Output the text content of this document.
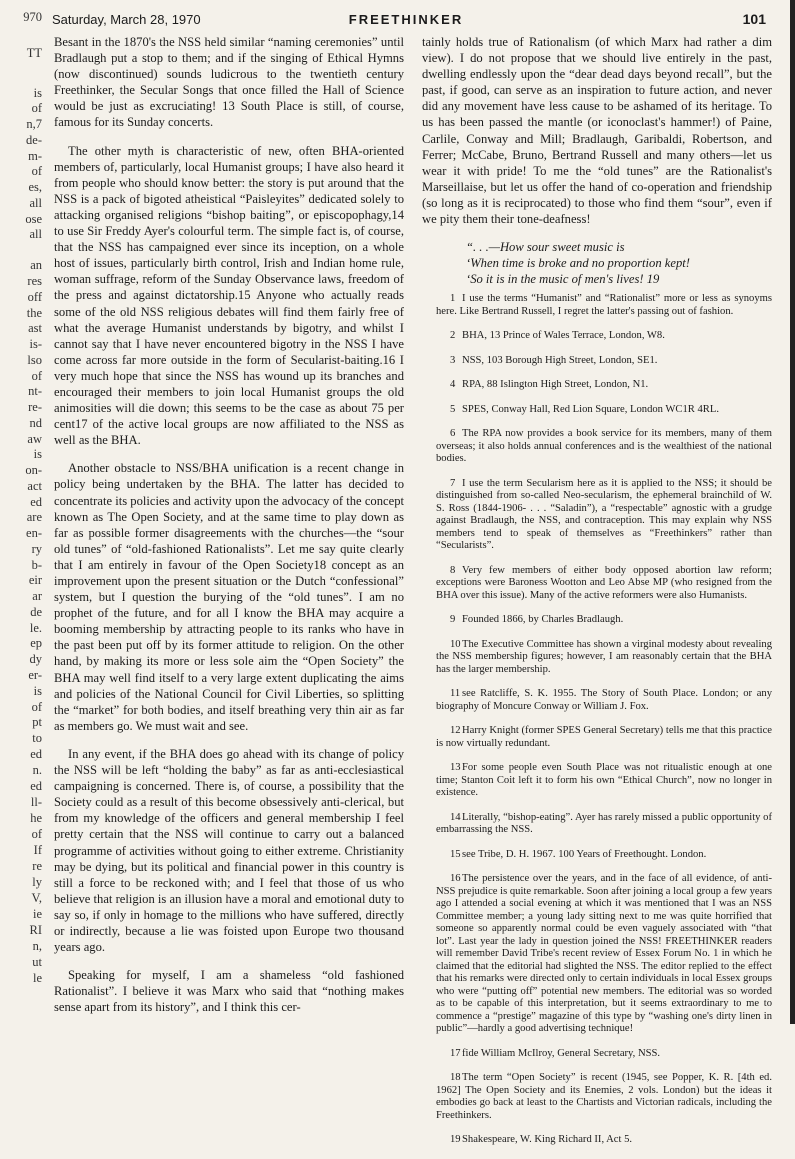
970
TT
is
of
n,7
de-
m-
of
es,
all
ose
all
an
res
off
the
ast
is-
lso
of
nt-
re-
nd
aw
is
on-
act
ed
are
en-
ry
b-
eir
ar
de
le.
ep
dy
er-
is
of
pt
to
ed
n.
ed
ll-
he
of
If
re
ly
V,
ie
RI
n,
ut
le
Saturday, March 28, 1970	FREETHINKER	101

Besant in the 1870's the NSS held similar “naming ceremonies” until Bradlaugh put a stop to them; and if the singing of Ethical Hymns (now discontinued) sounds ludicrous to the twentieth century Freethinker, the Secular Songs that once filled the Hall of Science would be just as excruciating! 13 South Place is still, of course, famous for its Sunday concerts.

The other myth is characteristic of new, often BHA-oriented members of, particularly, local Humanist groups; I have also heard it from people who should know better: the story is put around that the NSS is a pack of bigoted atheistical “Paisleyites” dedicated solely to attacking organised religions “bishop baiting”, or episcopophagy,14 to use Sir Freddy Ayer's colourful term. The simple fact is, of course, that the NSS has campaigned ever since its inception, on a whole host of issues, particularly birth control, Irish and Indian home rule, woman suffrage, reform of the Sunday Observance laws, freedom of the press and against dictatorship.15 Anyone who actually reads some of the old NSS religious debates will find them fairly free of what the average Humanist understands by bigotry, and whilst I cannot say that I have never encountered bigotry in the NSS I have come across far more outside in the form of Secularist-baiting.16 I very much hope that since the NSS has wound up its branches and encouraged their members to join local Humanist groups the old animosities will die down; this seems to be the case as about 75 per cent17 of the active local groups are now affiliated to the NSS as well as the BHA.

Another obstacle to NSS/BHA unification is a recent change in policy being undertaken by the BHA. The latter has decided to concentrate its policies and activity upon the advocacy of the concept known as The Open Society, and at the same time to play down as far as possible former disagreements with the churches—the “sour old tunes” of “old-fashioned Rationalists”. Let me say quite clearly that I am entirely in favour of the Open Society18 concept as an improvement upon the present situation or the Dutch “confessional” system, but I question the burying of the “old tunes”. I am no prophet of the future, and for all I know the BHA may acquire a booming membership by attracting people to its ranks who have in the past been put off by its former attitude to religion. On the other hand, by making its more or less sole aim the “Open Society” the BHA may well find itself to a very large extent duplicating the aims and policies of the National Council for Civil Liberties, so splitting the “market” for both bodies, and itself breathing very thin air as far as members go. We must wait and see.

In any event, if the BHA does go ahead with its change of policy the NSS will be left “holding the baby” as far as anti-ecclesiastical campaigning is concerned. There is, of course, a possibility that the Society could as a result of this become obsessively anti-clerical, but from my knowledge of the officers and general membership I feel pretty certain that the NSS will continue to carry out a balanced programme of activities without going to either extreme. Christianity may be dying, but its political and financial power in this country is still a force to be reckoned with; and I feel that those of us who believe that religion is an illusion have a moral and emotional duty to say so, if only in homage to the millions who have suffered, directly or indirectly, because a lie was foisted upon Europe two thousand years ago.

Speaking for myself, I am a shameless “old fashioned Rationalist”. I believe it was Marx who said that “nothing makes sense apart from its history”, and I think this cer-

tainly holds true of Rationalism (of which Marx had rather a dim view). I do not propose that we should live entirely in the past, dwelling endlessly upon the “dear dead days beyond recall”, but the past, if good, can serve as an inspiration to future action, and never did any movement have less cause to be ashamed of its heritage. To us has been passed the mantle (or iconoclast's hammer!) of Paine, Carlile, Conway and Mill; Bradlaugh, Garibaldi, Robertson, and Ferrer; McCabe, Bruno, Bertrand Russell and many others—let us wear it with pride! To me the “old tunes” are the Rationalist's Marseillaise, but let us offer the hand of co-operation and friendship (so long as it is reciprocated) to those who find them “sour”, even if we pity them their tone-deafness!

“. . .—How sour sweet music is
‘When time is broke and no proportion kept!
‘So it is in the music of men's lives! 19

1 I use the terms “Humanist” and “Rationalist” more or less as synoyms here. Like Bertrand Russell, I regret the latter's passing out of fashion.

2 BHA, 13 Prince of Wales Terrace, London, W8.

3 NSS, 103 Borough High Street, London, SE1.

4 RPA, 88 Islington High Street, London, N1.

5 SPES, Conway Hall, Red Lion Square, London WC1R 4RL.

6 The RPA now provides a book service for its members, many of them overseas; it also holds annual conferences and is the wealthiest of the national bodies.

7 I use the term Secularism here as it is applied to the NSS; it should be distinguished from so-called Neo-secularism, the ephemeral brainchild of W. S. Ross (1844-1906- . . . “Saladin”), a “respectable” agnostic with a grudge against Bradlaugh, the NSS, and contraception. This may explain why NSS members tend to speak of themselves as “Freethinkers” rather than “Secularists”.

8 Very few members of either body opposed abortion law reform; exceptions were Baroness Wootton and Leo Abse MP (who resigned from the BHA over this issue). Many of the active reformers were also Humanists.

9 Founded 1866, by Charles Bradlaugh.

10The Executive Committee has shown a virginal modesty about revealing the NSS membership figures; however, I am reasonably certain that the BHA has the larger membership.

11 see Ratcliffe, S. K. 1955. The Story of South Place. London; or any biography of Moncure Conway or William J. Fox.

12Harry Knight (former SPES General Secretary) tells me that this practice is now virtually redundant.

13For some people even South Place was not ritualistic enough at one time; Stanton Coit left it to form his own “Ethical Church”, now no longer in existence.

14Literally, “bishop-eating”. Ayer has rarely missed a public opportunity of embarrassing the NSS.

15see Tribe, D. H. 1967. 100 Years of Freethought. London.

16The persistence over the years, and in the face of all evidence, of anti-NSS prejudice is quite remarkable. Soon after joining a local group a few years ago I attended a social evening at which it was mentioned that I was an NSS Committee member; a young lady sitting next to me was quite horrified that someone so apparently normal could be even vaguely associated with “that lot”. Last year the lady in question joined the NSS! FREETHINKER readers will remember David Tribe's recent review of Essex Forum No. 1 in which he claimed that the editorial had slighted the NSS. The editor replied to the effect that his remarks were directed only to certain individuals in local Essex groups who were “putting off” potential new members. The editorial was so worded as to be capable of this interpretation, but it seems extraordinary to me to commence a “prestige” magazine of this type by “washing one's dirty linen in public”—hardly a good advertising technique!

17fide William McIlroy, General Secretary, NSS.

18The term “Open Society” is recent (1945, see Popper, K. R. [4th ed. 1962] The Open Society and its Enemies, 2 vols. London) but the ideas it embodies go back at least to the Chartists and Victorian radicals, including the Freethinkers.

19Shakespeare, W. King Richard II, Act 5.
